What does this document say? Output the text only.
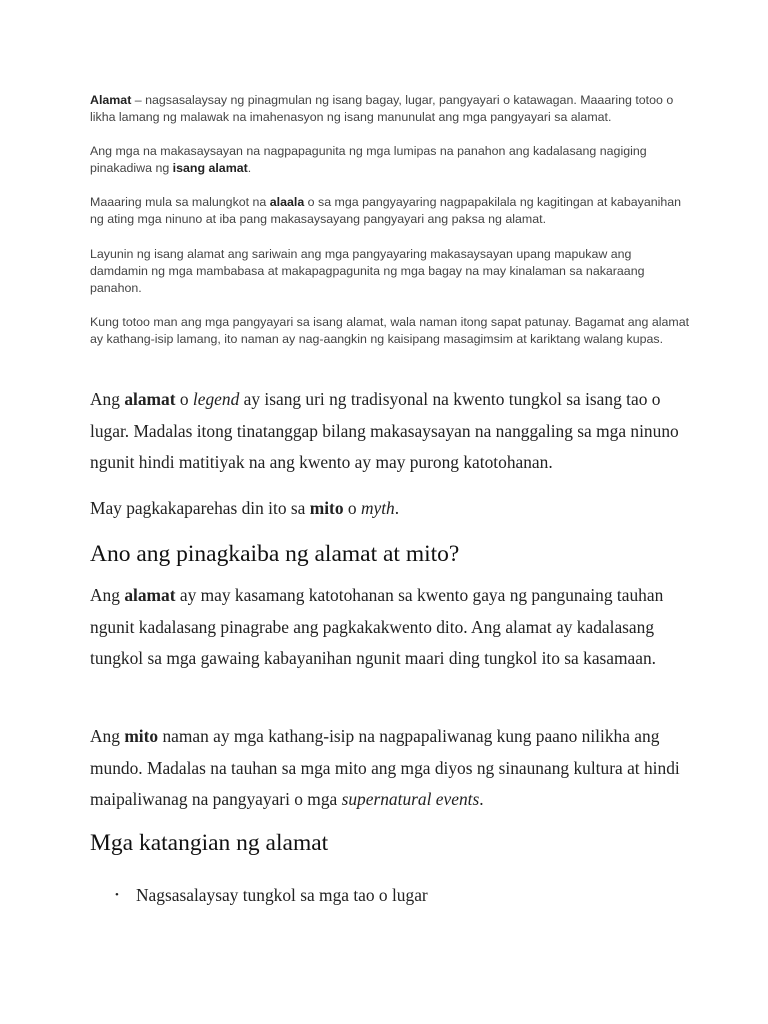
Alamat – nagsasalaysay ng pinagmulan ng isang bagay, lugar, pangyayari o katawagan. Maaaring totoo o likha lamang ng malawak na imahenasyon ng isang manunulat ang mga pangyayari sa alamat.

Ang mga na makasaysayan na nagpapagunita ng mga lumipas na panahon ang kadalasang nagiging pinakadiwa ng isang alamat.

Maaaring mula sa malungkot na alaala o sa mga pangyayaring nagpapakilala ng kagitingan at kabayanihan ng ating mga ninuno at iba pang makasaysayang pangyayari ang paksa ng alamat.

Layunin ng isang alamat ang sariwain ang mga pangyayaring makasaysayan upang mapukaw ang damdamin ng mga mambabasa at makapagpagunita ng mga bagay na may kinalaman sa nakaraang panahon.

Kung totoo man ang mga pangyayari sa isang alamat, wala naman itong sapat patunay. Bagamat ang alamat ay kathang-isip lamang, ito naman ay nag-aangkin ng kaisipang masagimsim at kariktang walang kupas.

Ang alamat o legend ay isang uri ng tradisyonal na kwento tungkol sa isang tao o lugar. Madalas itong tinatanggap bilang makasaysayan na nanggaling sa mga ninuno ngunit hindi matitiyak na ang kwento ay may purong katotohanan.

May pagkakaparehas din ito sa mito o myth.

Ano ang pinagkaiba ng alamat at mito?

Ang alamat ay may kasamang katotohanan sa kwento gaya ng pangunaing tauhan ngunit kadalasang pinagrabe ang pagkakakwento dito. Ang alamat ay kadalasang tungkol sa mga gawaing kabayanihan ngunit maari ding tungkol ito sa kasamaan.

Ang mito naman ay mga kathang-isip na nagpapaliwanag kung paano nilikha ang mundo. Madalas na tauhan sa mga mito ang mga diyos ng sinaunang kultura at hindi maipaliwanag na pangyayari o mga supernatural events.

Mga katangian ng alamat
• Nagsasalaysay tungkol sa mga tao o lugar
